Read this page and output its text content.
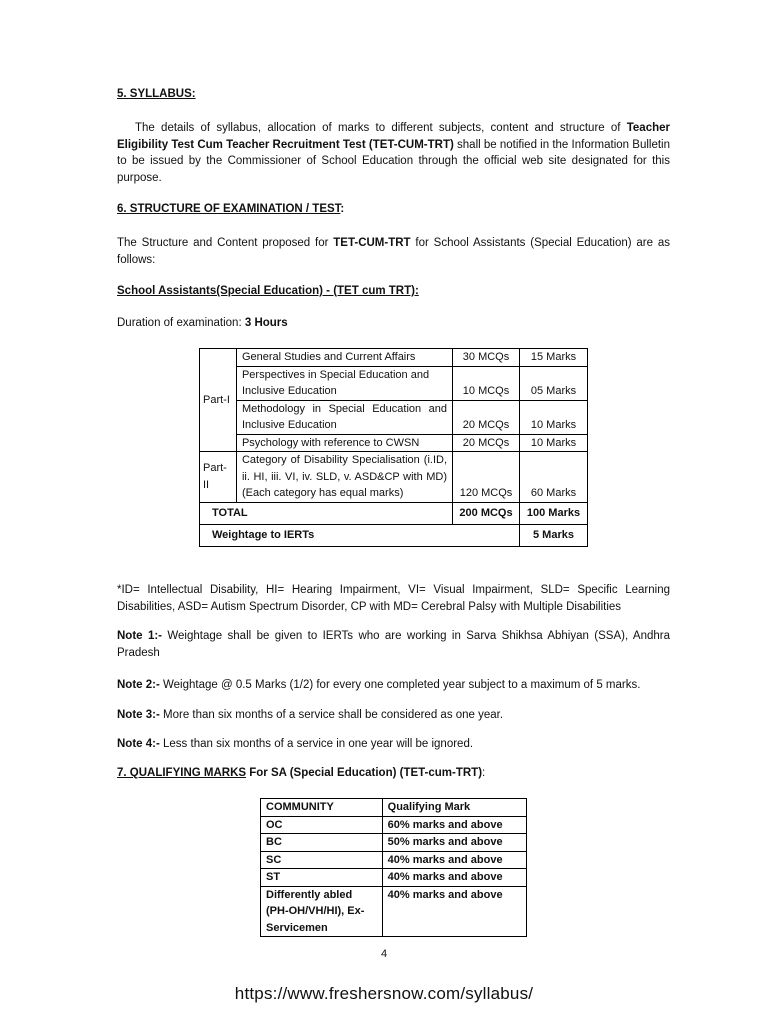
5. SYLLABUS:
The details of syllabus, allocation of marks to different subjects, content and structure of Teacher Eligibility Test Cum Teacher Recruitment Test (TET-CUM-TRT) shall be notified in the Information Bulletin to be issued by the Commissioner of School Education through the official web site designated for this purpose.
6. STRUCTURE OF EXAMINATION / TEST:
The Structure and Content proposed for TET-CUM-TRT for School Assistants (Special Education) are as follows:
School Assistants(Special Education) - (TET cum TRT):
Duration of examination: 3 Hours
Part-I	General Studies and Current Affairs	30 MCQs	15 Marks
	Perspectives in Special Education and Inclusive Education	10 MCQs	05 Marks
	Methodology in Special Education and Inclusive Education	20 MCQs	10 Marks
	Psychology with reference to CWSN	20 MCQs	10 Marks
Part-II	Category of Disability Specialisation (i.ID, ii. HI, iii. VI, iv. SLD, v. ASD&CP with MD) (Each category has equal marks)	120 MCQs	60 Marks
TOTAL		200 MCQs	100 Marks
Weightage to IERTs			5 Marks
*ID= Intellectual Disability, HI= Hearing Impairment, VI= Visual Impairment, SLD= Specific Learning Disabilities, ASD= Autism Spectrum Disorder, CP with MD= Cerebral Palsy with Multiple Disabilities
Note 1:- Weightage shall be given to IERTs who are working in Sarva Shikhsa Abhiyan (SSA), Andhra Pradesh
Note 2:- Weightage @ 0.5 Marks (1/2) for every one completed year subject to a maximum of 5 marks.
Note 3:- More than six months of a service shall be considered as one year.
Note 4:- Less than six months of a service in one year will be ignored.
7. QUALIFYING MARKS For SA (Special Education) (TET-cum-TRT):
COMMUNITY	Qualifying Mark
OC	60% marks and above
BC	50% marks and above
SC	40% marks and above
ST	40% marks and above
Differently abled (PH-OH/VH/HI), Ex-Servicemen	40% marks and above
4
https://www.freshersnow.com/syllabus/
